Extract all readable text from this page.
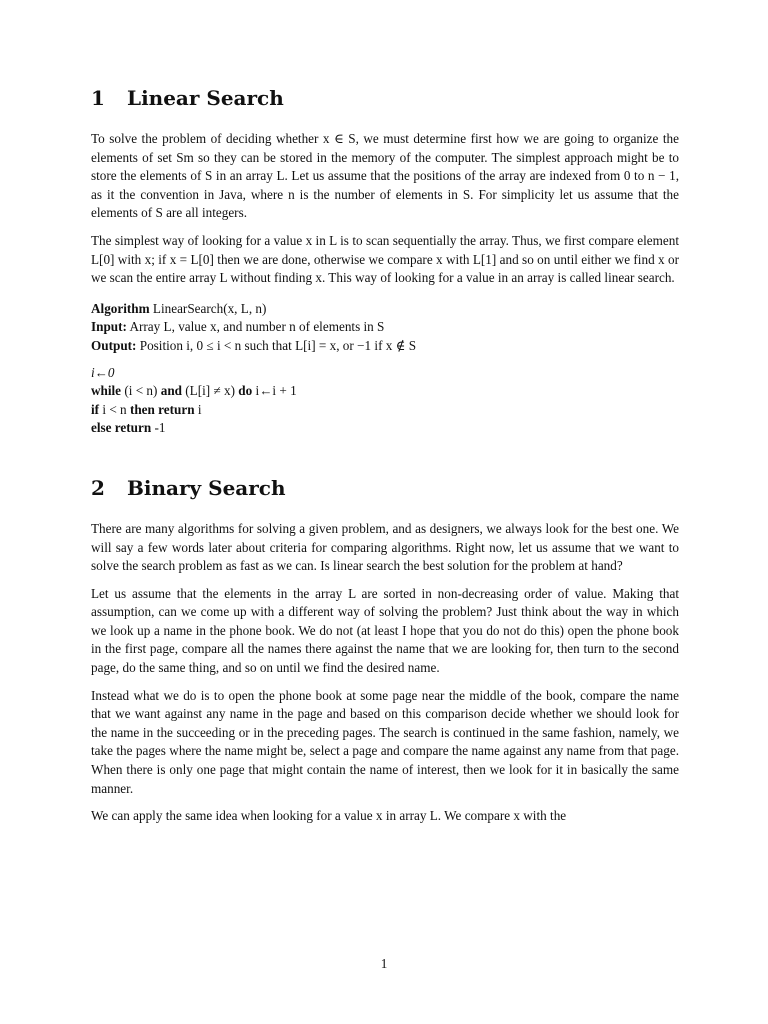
1 Linear Search

To solve the problem of deciding whether x ∈ S, we must determine first how we are going to organize the elements of set Sm so they can be stored in the memory of the computer. The simplest approach might be to store the elements of S in an array L. Let us assume that the positions of the array are indexed from 0 to n − 1, as it the convention in Java, where n is the number of elements in S. For simplicity let us assume that the elements of S are all integers.

The simplest way of looking for a value x in L is to scan sequentially the array. Thus, we first compare element L[0] with x; if x = L[0] then we are done, otherwise we compare x with L[1] and so on until either we find x or we scan the entire array L without finding x. This way of looking for a value in an array is called linear search.

Algorithm LinearSearch(x, L, n)
Input: Array L, value x, and number n of elements in S
Output: Position i, 0 ≤ i < n such that L[i] = x, or −1 if x ∉ S
i←0
while (i < n) and (L[i] ≠ x) do i←i + 1
if i < n then return i
else return -1
2 Binary Search

There are many algorithms for solving a given problem, and as designers, we always look for the best one. We will say a few words later about criteria for comparing algorithms. Right now, let us assume that we want to solve the search problem as fast as we can. Is linear search the best solution for the problem at hand?

Let us assume that the elements in the array L are sorted in non-decreasing order of value. Making that assumption, can we come up with a different way of solving the problem? Just think about the way in which we look up a name in the phone book. We do not (at least I hope that you do not do this) open the phone book in the first page, compare all the names there against the name that we are looking for, then turn to the second page, do the same thing, and so on until we find the desired name.

Instead what we do is to open the phone book at some page near the middle of the book, compare the name that we want against any name in the page and based on this comparison decide whether we should look for the name in the succeeding or in the preceding pages. The search is continued in the same fashion, namely, we take the pages where the name might be, select a page and compare the name against any name from that page. When there is only one page that might contain the name of interest, then we look for it in basically the same manner.

We can apply the same idea when looking for a value x in array L. We compare x with the

1
